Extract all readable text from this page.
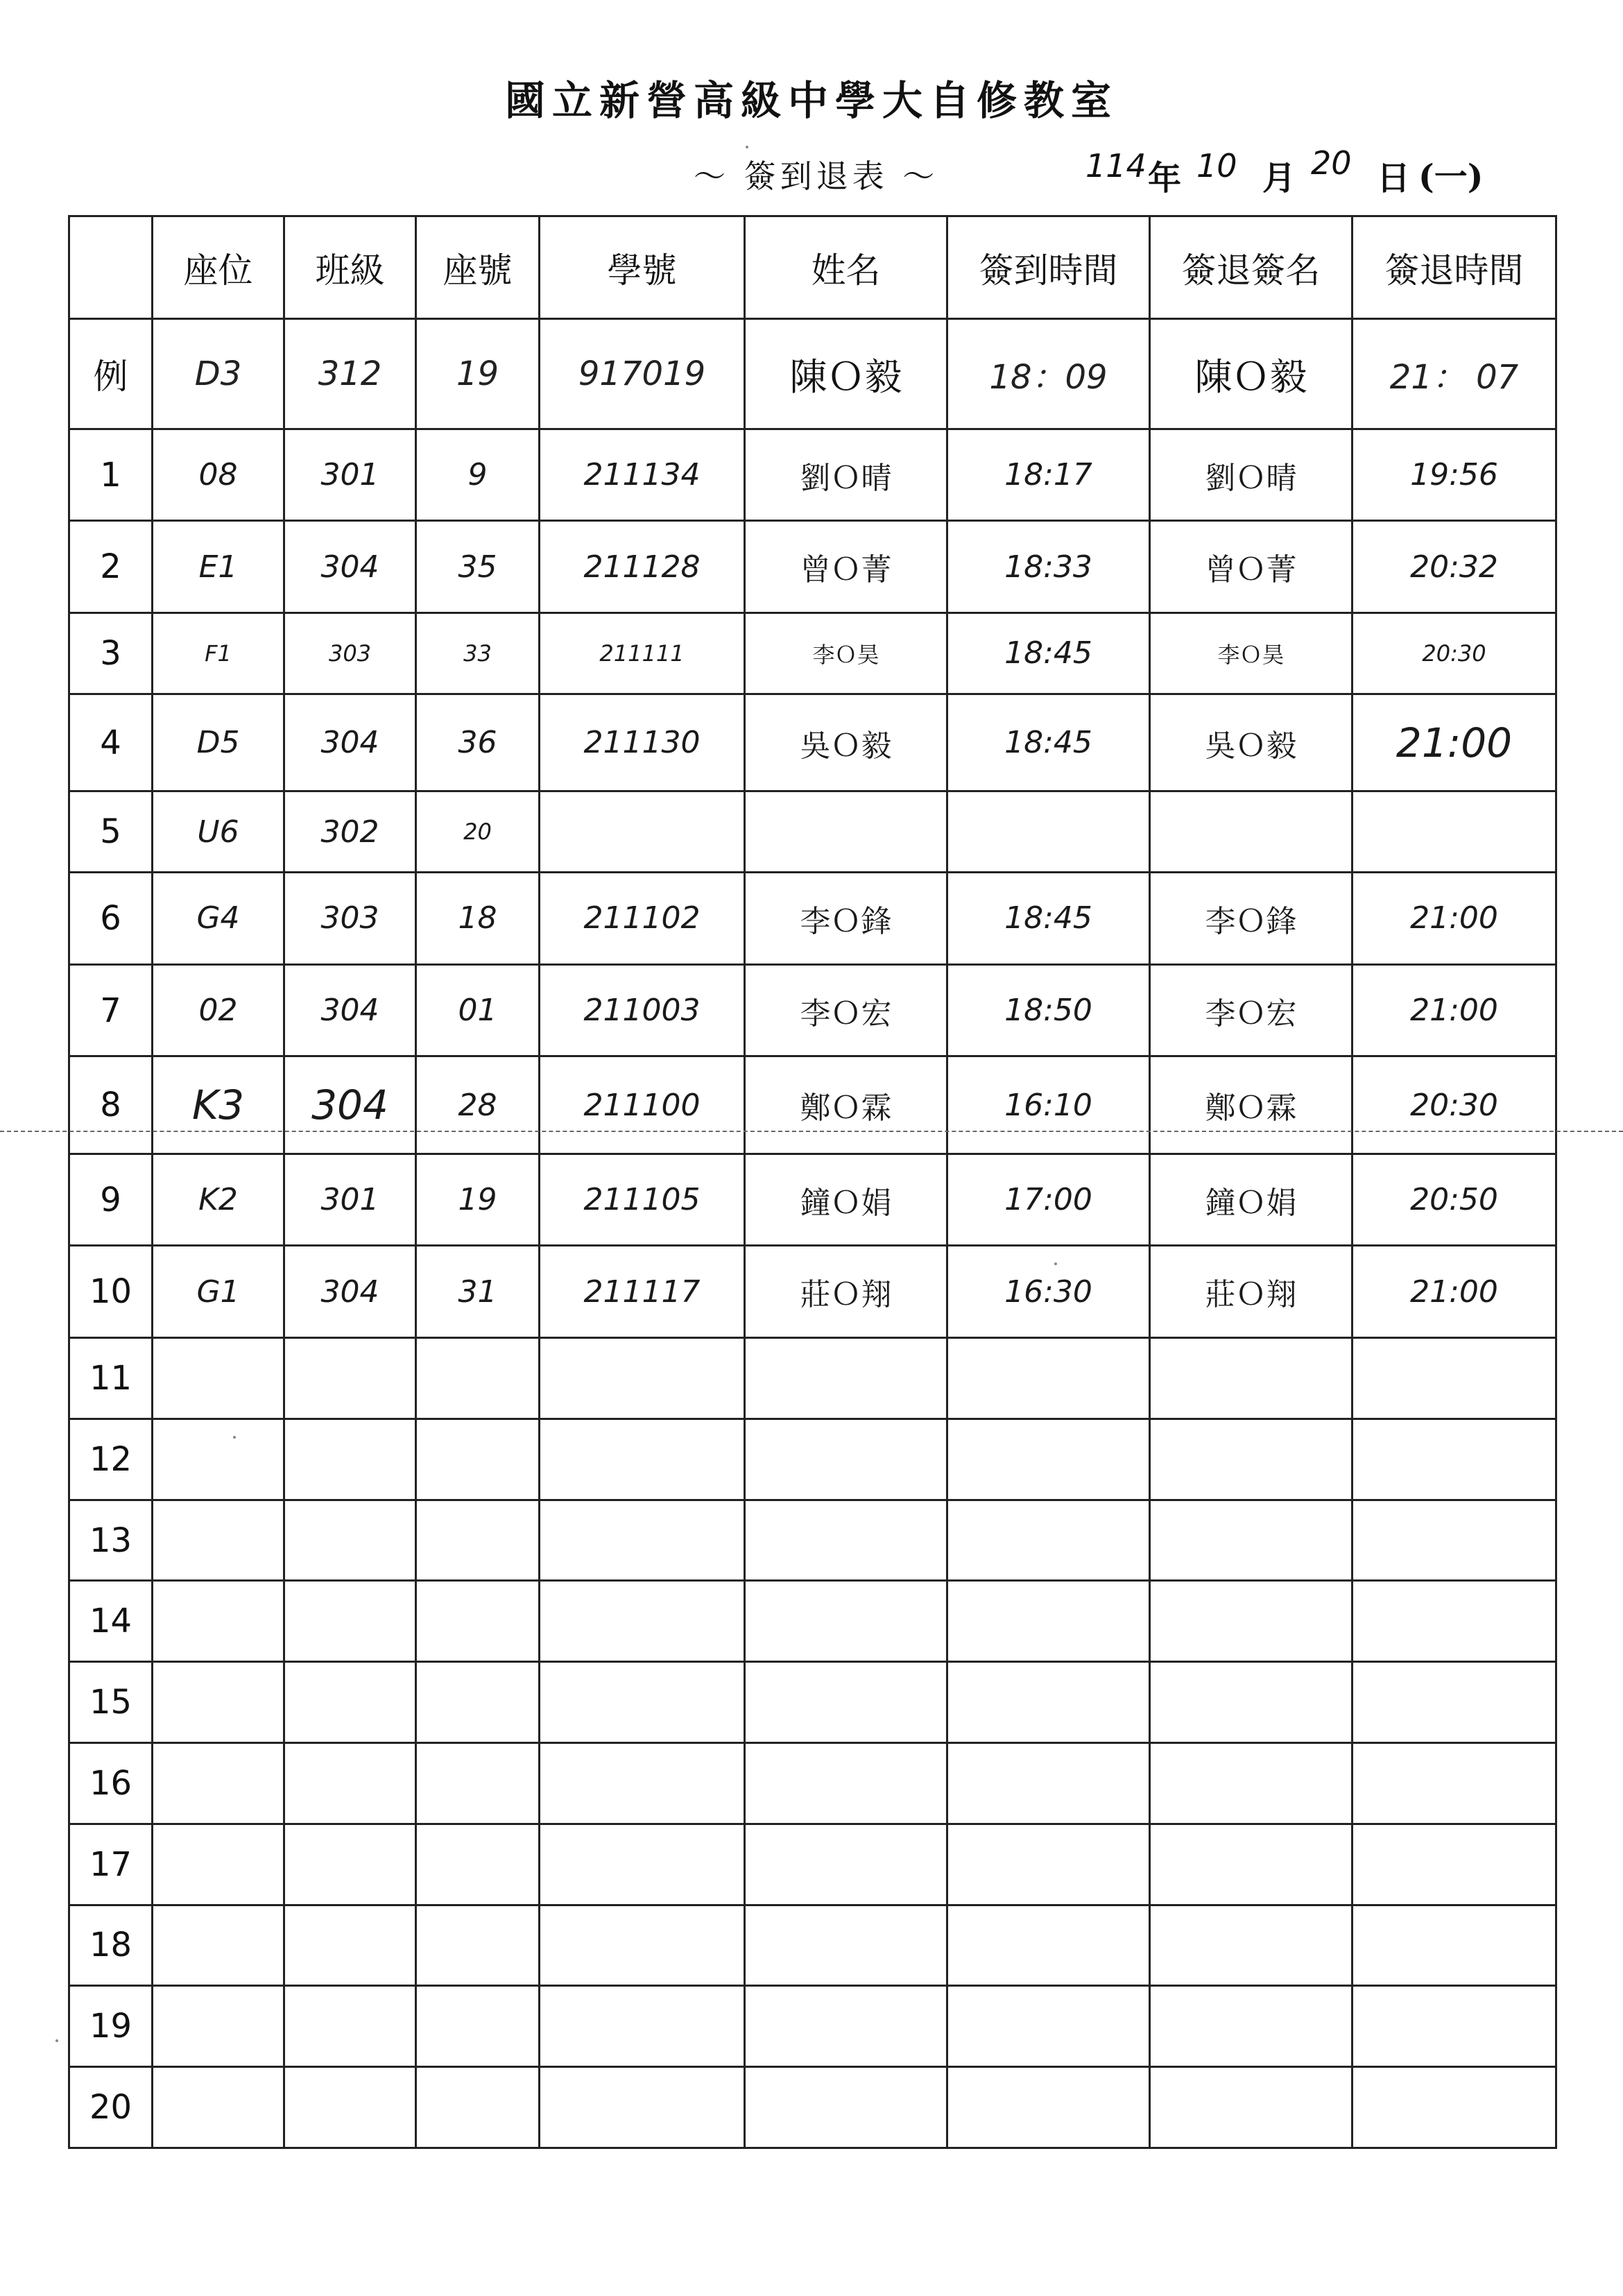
國立新營高級中學大自修教室
～ 簽到退表 ～	114 年 10 月 20 日 (一)
	座位	班級	座號	學號	姓名	簽到時間	簽退簽名	簽退時間
例	D3	312	19	917019	陳Ｏ毅	18：09	陳Ｏ毅	21： 07
1	08	301	9	211134	劉Ｏ晴	18:17	劉Ｏ晴	19:56
2	E1	304	35	211128	曾Ｏ菁	18:33	曾Ｏ菁	20:32
3	F1	303	33	211111	李Ｏ昊	18:45	李Ｏ昊	20:30
4	D5	304	36	211130	吳Ｏ毅	18:45	吳Ｏ毅	21:00
5	U6	302	20					
6	G4	303	18	211102	李Ｏ鋒	18:45	李Ｏ鋒	21:00
7	02	304	01	211003	李Ｏ宏	18:50	李Ｏ宏	21:00
8	K3	304	28	211100	鄭Ｏ霖	16:10	鄭Ｏ霖	20:30
9	K2	301	19	211105	鐘Ｏ娟	17:00	鐘Ｏ娟	20:50
10	G1	304	31	211117	莊Ｏ翔	16:30	莊Ｏ翔	21:00
11								
12								
13								
14								
15								
16								
17								
18								
19								
20								
